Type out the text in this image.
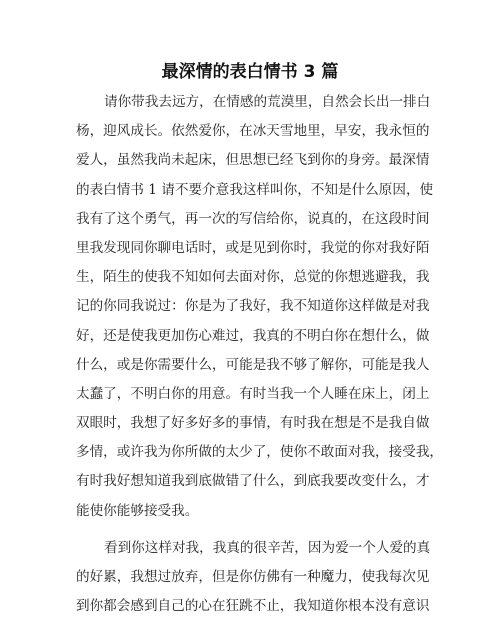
最深情的表白情书 3 篇
请你带我去远方，在情感的荒漠里，自然会长出一排白
杨，迎风成长。依然爱你，在冰天雪地里，早安，我永恒的
爱人，虽然我尚未起床，但思想已经飞到你的身旁。最深情
的表白情书 1 请不要介意我这样叫你，不知是什么原因，使
我有了这个勇气，再一次的写信给你，说真的，在这段时间
里我发现同你聊电话时，或是见到你时，我觉的你对我好陌
生，陌生的使我不知如何去面对你，总觉的你想逃避我，我
记的你同我说过：你是为了我好，我不知道你这样做是对我
好，还是使我更加伤心难过，我真的不明白你在想什么，做
什么，或是你需要什么，可能是我不够了解你，可能是我人
太蠢了，不明白你的用意。有时当我一个人睡在床上，闭上
双眼时，我想了好多好多的事情，有时我在想是不是我自做
多情，或许我为你所做的太少了，使你不敢面对我，接受我，
有时我好想知道我到底做错了什么，到底我要改变什么，才
能使你能够接受我。
看到你这样对我，我真的很辛苦，因为爱一个人爱的真
的好累，我想过放弃，但是你仿佛有一种魔力，使我每次见
到你都会感到自己的心在狂跳不止，我知道你根本没有意识
